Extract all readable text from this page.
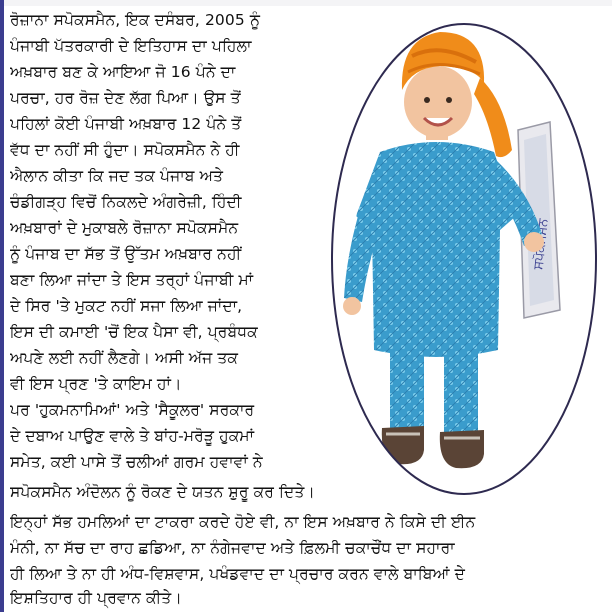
ਰੋਜ਼ਾਨਾ ਸਪੋਕਸਮੈਨ, ਇਕ ਦਸੰਬਰ, 2005 ਨੂੰ
ਪੰਜਾਬੀ ਪੱਤਰਕਾਰੀ ਦੇ ਇਤਿਹਾਸ ਦਾ ਪਹਿਲਾ
ਅਖ਼ਬਾਰ ਬਣ ਕੇ ਆਇਆ ਜੋ 16 ਪੰਨੇ ਦਾ
ਪਰਚਾ, ਹਰ ਰੋਜ਼ ਦੇਣ ਲੱਗ ਪਿਆ। ਉਸ ਤੋਂ
ਪਹਿਲਾਂ ਕੋਈ ਪੰਜਾਬੀ ਅਖ਼ਬਾਰ 12 ਪੰਨੇ ਤੋਂ
ਵੱਧ ਦਾ ਨਹੀਂ ਸੀ ਹੁੰਦਾ। ਸਪੋਕਸਮੈਨ ਨੇ ਹੀ
ਐਲਾਨ ਕੀਤਾ ਕਿ ਜਦ ਤਕ ਪੰਜਾਬ ਅਤੇ
ਚੰਡੀਗੜ੍ਹ ਵਿਚੋਂ ਨਿਕਲਦੇ ਅੰਗਰੇਜ਼ੀ, ਹਿੰਦੀ
ਅਖ਼ਬਾਰਾਂ ਦੇ ਮੁਕਾਬਲੇ ਰੋਜ਼ਾਨਾ ਸਪੋਕਸਮੈਨ
ਨੂੰ ਪੰਜਾਬ ਦਾ ਸੱਭ ਤੋਂ ਉੱਤਮ ਅਖ਼ਬਾਰ ਨਹੀਂ
ਬਣਾ ਲਿਆ ਜਾਂਦਾ ਤੇ ਇਸ ਤਰ੍ਹਾਂ ਪੰਜਾਬੀ ਮਾਂ
ਦੇ ਸਿਰ 'ਤੇ ਮੁਕਟ ਨਹੀਂ ਸਜਾ ਲਿਆ ਜਾਂਦਾ,
ਇਸ ਦੀ ਕਮਾਈ 'ਚੋਂ ਇਕ ਪੈਸਾ ਵੀ, ਪ੍ਰਬੰਧਕ
ਅਪਣੇ ਲਈ ਨਹੀਂ ਲੈਣਗੇ। ਅਸੀ ਅੱਜ ਤਕ
ਵੀ ਇਸ ਪ੍ਰਣ 'ਤੇ ਕਾਇਮ ਹਾਂ।
ਪਰ 'ਹੁਕਮਨਾਮਿਆਂ' ਅਤੇ 'ਸੈਕੂਲਰ' ਸਰਕਾਰ
ਦੇ ਦਬਾਅ ਪਾਉਣ ਵਾਲੇ ਤੇ ਬਾਂਹ-ਮਰੋੜੂ ਹੁਕਮਾਂ
ਸਮੇਤ, ਕਈ ਪਾਸੇ ਤੋਂ ਚਲੀਆਂ ਗਰਮ ਹਵਾਵਾਂ ਨੇ
ਸਪੋਕਸਮੈਨ ਅੰਦੋਲਨ ਨੂੰ ਰੋਕਣ ਦੇ ਯਤਨ ਸ਼ੁਰੂ ਕਰ ਦਿਤੇ।
ਇਨ੍ਹਾਂ ਸੱਭ ਹਮਲਿਆਂ ਦਾ ਟਾਕਰਾ ਕਰਦੇ ਹੋਏ ਵੀ, ਨਾ ਇਸ ਅਖ਼ਬਾਰ ਨੇ ਕਿਸੇ ਦੀ ਈਨ
ਮੰਨੀ, ਨਾ ਸੱਚ ਦਾ ਰਾਹ ਛਡਿਆ, ਨਾ ਨੰਗੇਜਵਾਦ ਅਤੇ ਫ਼ਿਲਮੀ ਚਕਾਚੌਂਧ ਦਾ ਸਹਾਰਾ
ਹੀ ਲਿਆ ਤੇ ਨਾ ਹੀ ਅੰਧ-ਵਿਸ਼ਵਾਸ, ਪਖੰਡਵਾਦ ਦਾ ਪ੍ਰਚਾਰ ਕਰਨ ਵਾਲੇ ਬਾਬਿਆਂ ਦੇ
ਇਸ਼ਤਿਹਾਰ ਹੀ ਪ੍ਰਵਾਨ ਕੀਤੇ।
